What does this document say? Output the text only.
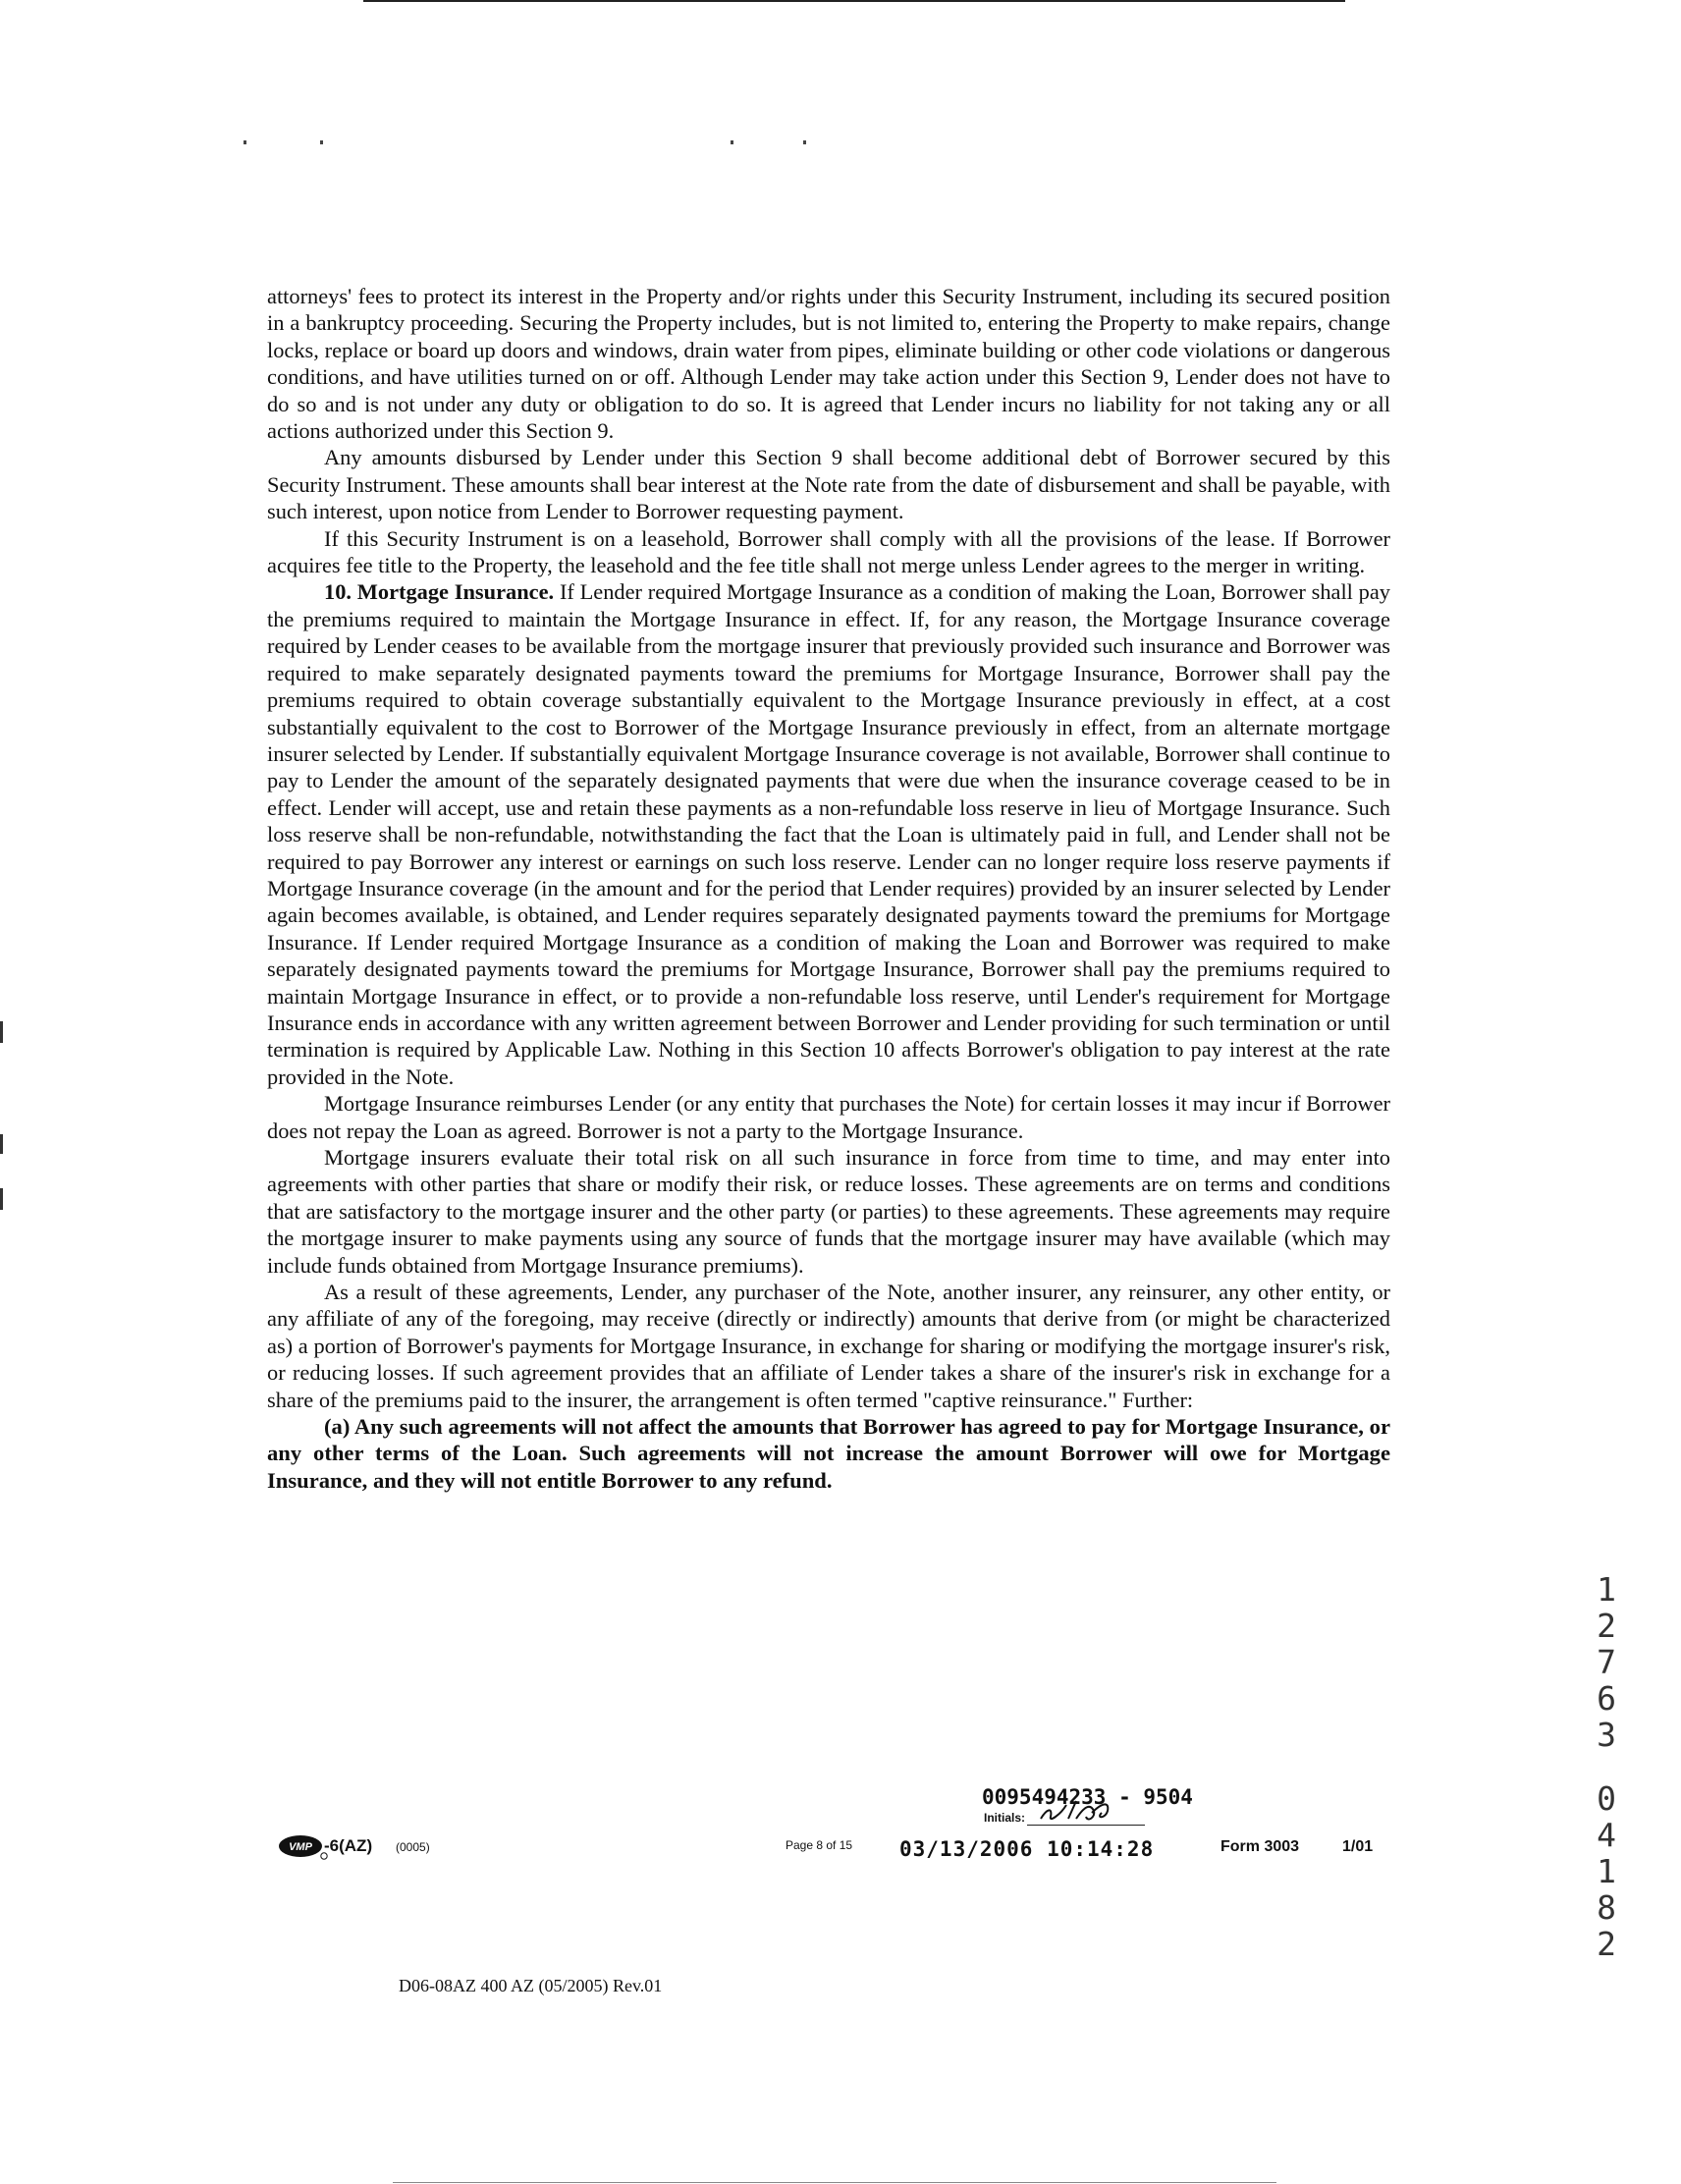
attorneys' fees to protect its interest in the Property and/or rights under this Security Instrument, including its secured position in a bankruptcy proceeding. Securing the Property includes, but is not limited to, entering the Property to make repairs, change locks, replace or board up doors and windows, drain water from pipes, eliminate building or other code violations or dangerous conditions, and have utilities turned on or off. Although Lender may take action under this Section 9, Lender does not have to do so and is not under any duty or obligation to do so. It is agreed that Lender incurs no liability for not taking any or all actions authorized under this Section 9.

Any amounts disbursed by Lender under this Section 9 shall become additional debt of Borrower secured by this Security Instrument. These amounts shall bear interest at the Note rate from the date of disbursement and shall be payable, with such interest, upon notice from Lender to Borrower requesting payment.

If this Security Instrument is on a leasehold, Borrower shall comply with all the provisions of the lease. If Borrower acquires fee title to the Property, the leasehold and the fee title shall not merge unless Lender agrees to the merger in writing.

10. Mortgage Insurance. If Lender required Mortgage Insurance as a condition of making the Loan, Borrower shall pay the premiums required to maintain the Mortgage Insurance in effect. If, for any reason, the Mortgage Insurance coverage required by Lender ceases to be available from the mortgage insurer that previously provided such insurance and Borrower was required to make separately designated payments toward the premiums for Mortgage Insurance, Borrower shall pay the premiums required to obtain coverage substantially equivalent to the Mortgage Insurance previously in effect, at a cost substantially equivalent to the cost to Borrower of the Mortgage Insurance previously in effect, from an alternate mortgage insurer selected by Lender. If substantially equivalent Mortgage Insurance coverage is not available, Borrower shall continue to pay to Lender the amount of the separately designated payments that were due when the insurance coverage ceased to be in effect. Lender will accept, use and retain these payments as a non-refundable loss reserve in lieu of Mortgage Insurance. Such loss reserve shall be non-refundable, notwithstanding the fact that the Loan is ultimately paid in full, and Lender shall not be required to pay Borrower any interest or earnings on such loss reserve. Lender can no longer require loss reserve payments if Mortgage Insurance coverage (in the amount and for the period that Lender requires) provided by an insurer selected by Lender again becomes available, is obtained, and Lender requires separately designated payments toward the premiums for Mortgage Insurance. If Lender required Mortgage Insurance as a condition of making the Loan and Borrower was required to make separately designated payments toward the premiums for Mortgage Insurance, Borrower shall pay the premiums required to maintain Mortgage Insurance in effect, or to provide a non-refundable loss reserve, until Lender's requirement for Mortgage Insurance ends in accordance with any written agreement between Borrower and Lender providing for such termination or until termination is required by Applicable Law. Nothing in this Section 10 affects Borrower's obligation to pay interest at the rate provided in the Note.

Mortgage Insurance reimburses Lender (or any entity that purchases the Note) for certain losses it may incur if Borrower does not repay the Loan as agreed. Borrower is not a party to the Mortgage Insurance.

Mortgage insurers evaluate their total risk on all such insurance in force from time to time, and may enter into agreements with other parties that share or modify their risk, or reduce losses. These agreements are on terms and conditions that are satisfactory to the mortgage insurer and the other party (or parties) to these agreements. These agreements may require the mortgage insurer to make payments using any source of funds that the mortgage insurer may have available (which may include funds obtained from Mortgage Insurance premiums).

As a result of these agreements, Lender, any purchaser of the Note, another insurer, any reinsurer, any other entity, or any affiliate of any of the foregoing, may receive (directly or indirectly) amounts that derive from (or might be characterized as) a portion of Borrower's payments for Mortgage Insurance, in exchange for sharing or modifying the mortgage insurer's risk, or reducing losses. If such agreement provides that an affiliate of Lender takes a share of the insurer's risk in exchange for a share of the premiums paid to the insurer, the arrangement is often termed "captive reinsurance." Further:

(a) Any such agreements will not affect the amounts that Borrower has agreed to pay for Mortgage Insurance, or any other terms of the Loan. Such agreements will not increase the amount Borrower will owe for Mortgage Insurance, and they will not entitle Borrower to any refund.

0095494233 - 9504
Initials:
VMP -6(AZ) (0005)	Page 8 of 15 03/13/2006 10:14:28	Form 3003	1/01
D06-08AZ 400 AZ (05/2005) Rev.01
1
2
7
6
3
0
4
1
8
2
